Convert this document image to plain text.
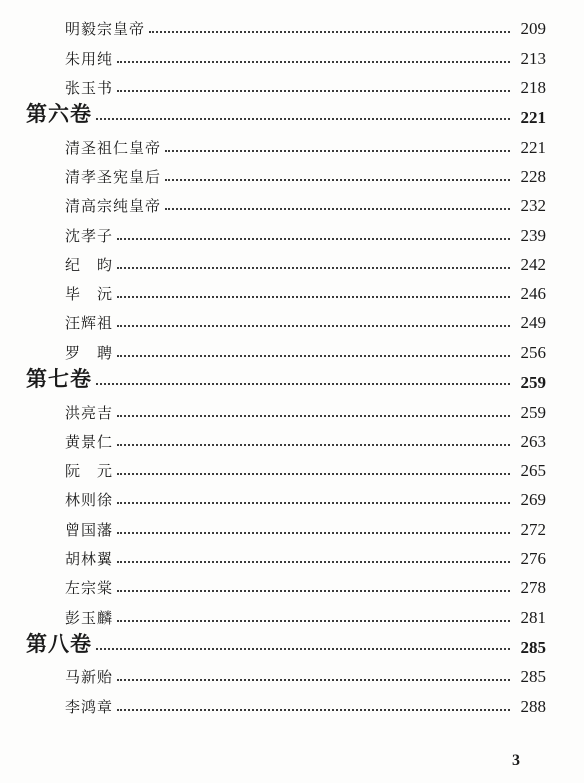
明毅宗皇帝	209
朱用纯	213
张玉书	218
第六卷	221
清圣祖仁皇帝	221
清孝圣宪皇后	228
清高宗纯皇帝	232
沈孝子	239
纪　昀	242
毕　沅	246
汪辉祖	249
罗　聘	256
第七卷	259
洪亮吉	259
黄景仁	263
阮　元	265
林则徐	269
曾国藩	272
胡林翼	276
左宗棠	278
彭玉麟	281
第八卷	285
马新贻	285
李鸿章	288
3
